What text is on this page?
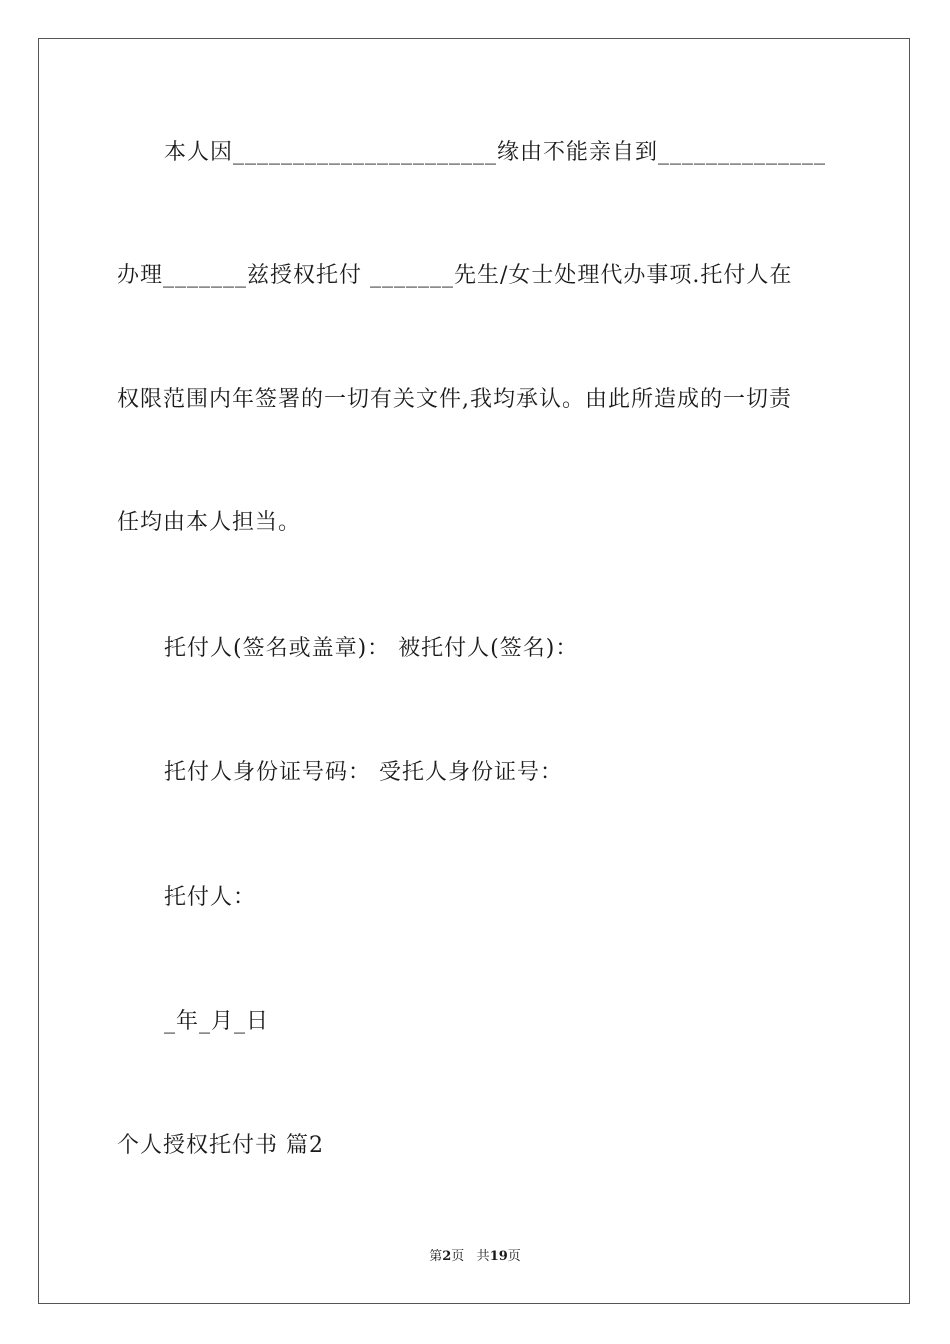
本人因______________________缘由不能亲自到______________
办理_______兹授权托付 _______先生/女士处理代办事项.托付人在
权限范围内年签署的一切有关文件,我均承认。由此所造成的一切责
任均由本人担当。
托付人(签名或盖章)： 被托付人(签名)：
托付人身份证号码： 受托人身份证号：
托付人：
_年_月_日
个人授权托付书 篇2
第2页 共19页
